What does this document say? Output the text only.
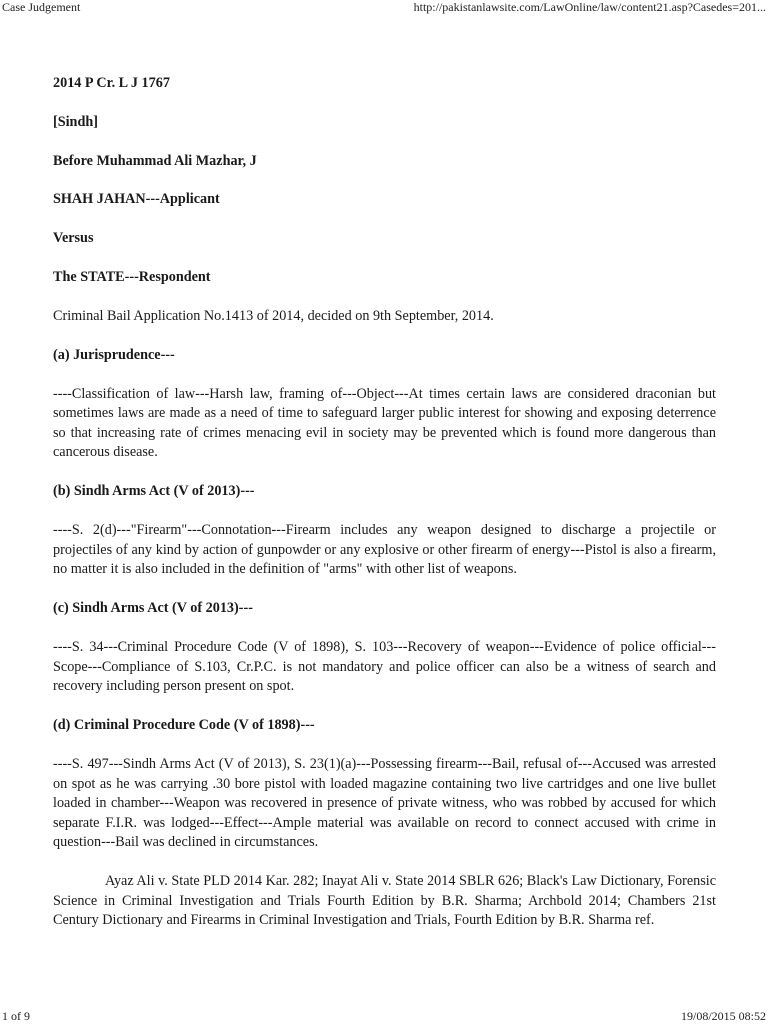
Case Judgement	http://pakistanlawsite.com/LawOnline/law/content21.asp?Casedes=201...
2014 P Cr. L J 1767
[Sindh]
Before Muhammad Ali Mazhar, J
SHAH JAHAN---Applicant
Versus
The STATE---Respondent
Criminal Bail Application No.1413 of 2014, decided on 9th September, 2014.
(a) Jurisprudence---
----Classification of law---Harsh law, framing of---Object---At times certain laws are considered draconian but sometimes laws are made as a need of time to safeguard larger public interest for showing and exposing deterrence so that increasing rate of crimes menacing evil in society may be prevented which is found more dangerous than cancerous disease.
(b) Sindh Arms Act (V of 2013)---
----S. 2(d)---"Firearm"---Connotation---Firearm includes any weapon designed to discharge a projectile or projectiles of any kind by action of gunpowder or any explosive or other firearm of energy---Pistol is also a firearm, no matter it is also included in the definition of "arms" with other list of weapons.
(c) Sindh Arms Act (V of 2013)---
----S. 34---Criminal Procedure Code (V of 1898), S. 103---Recovery of weapon---Evidence of police official---Scope---Compliance of S.103, Cr.P.C. is not mandatory and police officer can also be a witness of search and recovery including person present on spot.
(d) Criminal Procedure Code (V of 1898)---
----S. 497---Sindh Arms Act (V of 2013), S. 23(1)(a)---Possessing firearm---Bail, refusal of---Accused was arrested on spot as he was carrying .30 bore pistol with loaded magazine containing two live cartridges and one live bullet loaded in chamber---Weapon was recovered in presence of private witness, who was robbed by accused for which separate F.I.R. was lodged---Effect---Ample material was available on record to connect accused with crime in question---Bail was declined in circumstances.
Ayaz Ali v. State PLD 2014 Kar. 282; Inayat Ali v. State 2014 SBLR 626; Black's Law Dictionary, Forensic Science in Criminal Investigation and Trials Fourth Edition by B.R. Sharma; Archbold 2014; Chambers 21st Century Dictionary and Firearms in Criminal Investigation and Trials, Fourth Edition by B.R. Sharma ref.
1 of 9	19/08/2015 08:52
